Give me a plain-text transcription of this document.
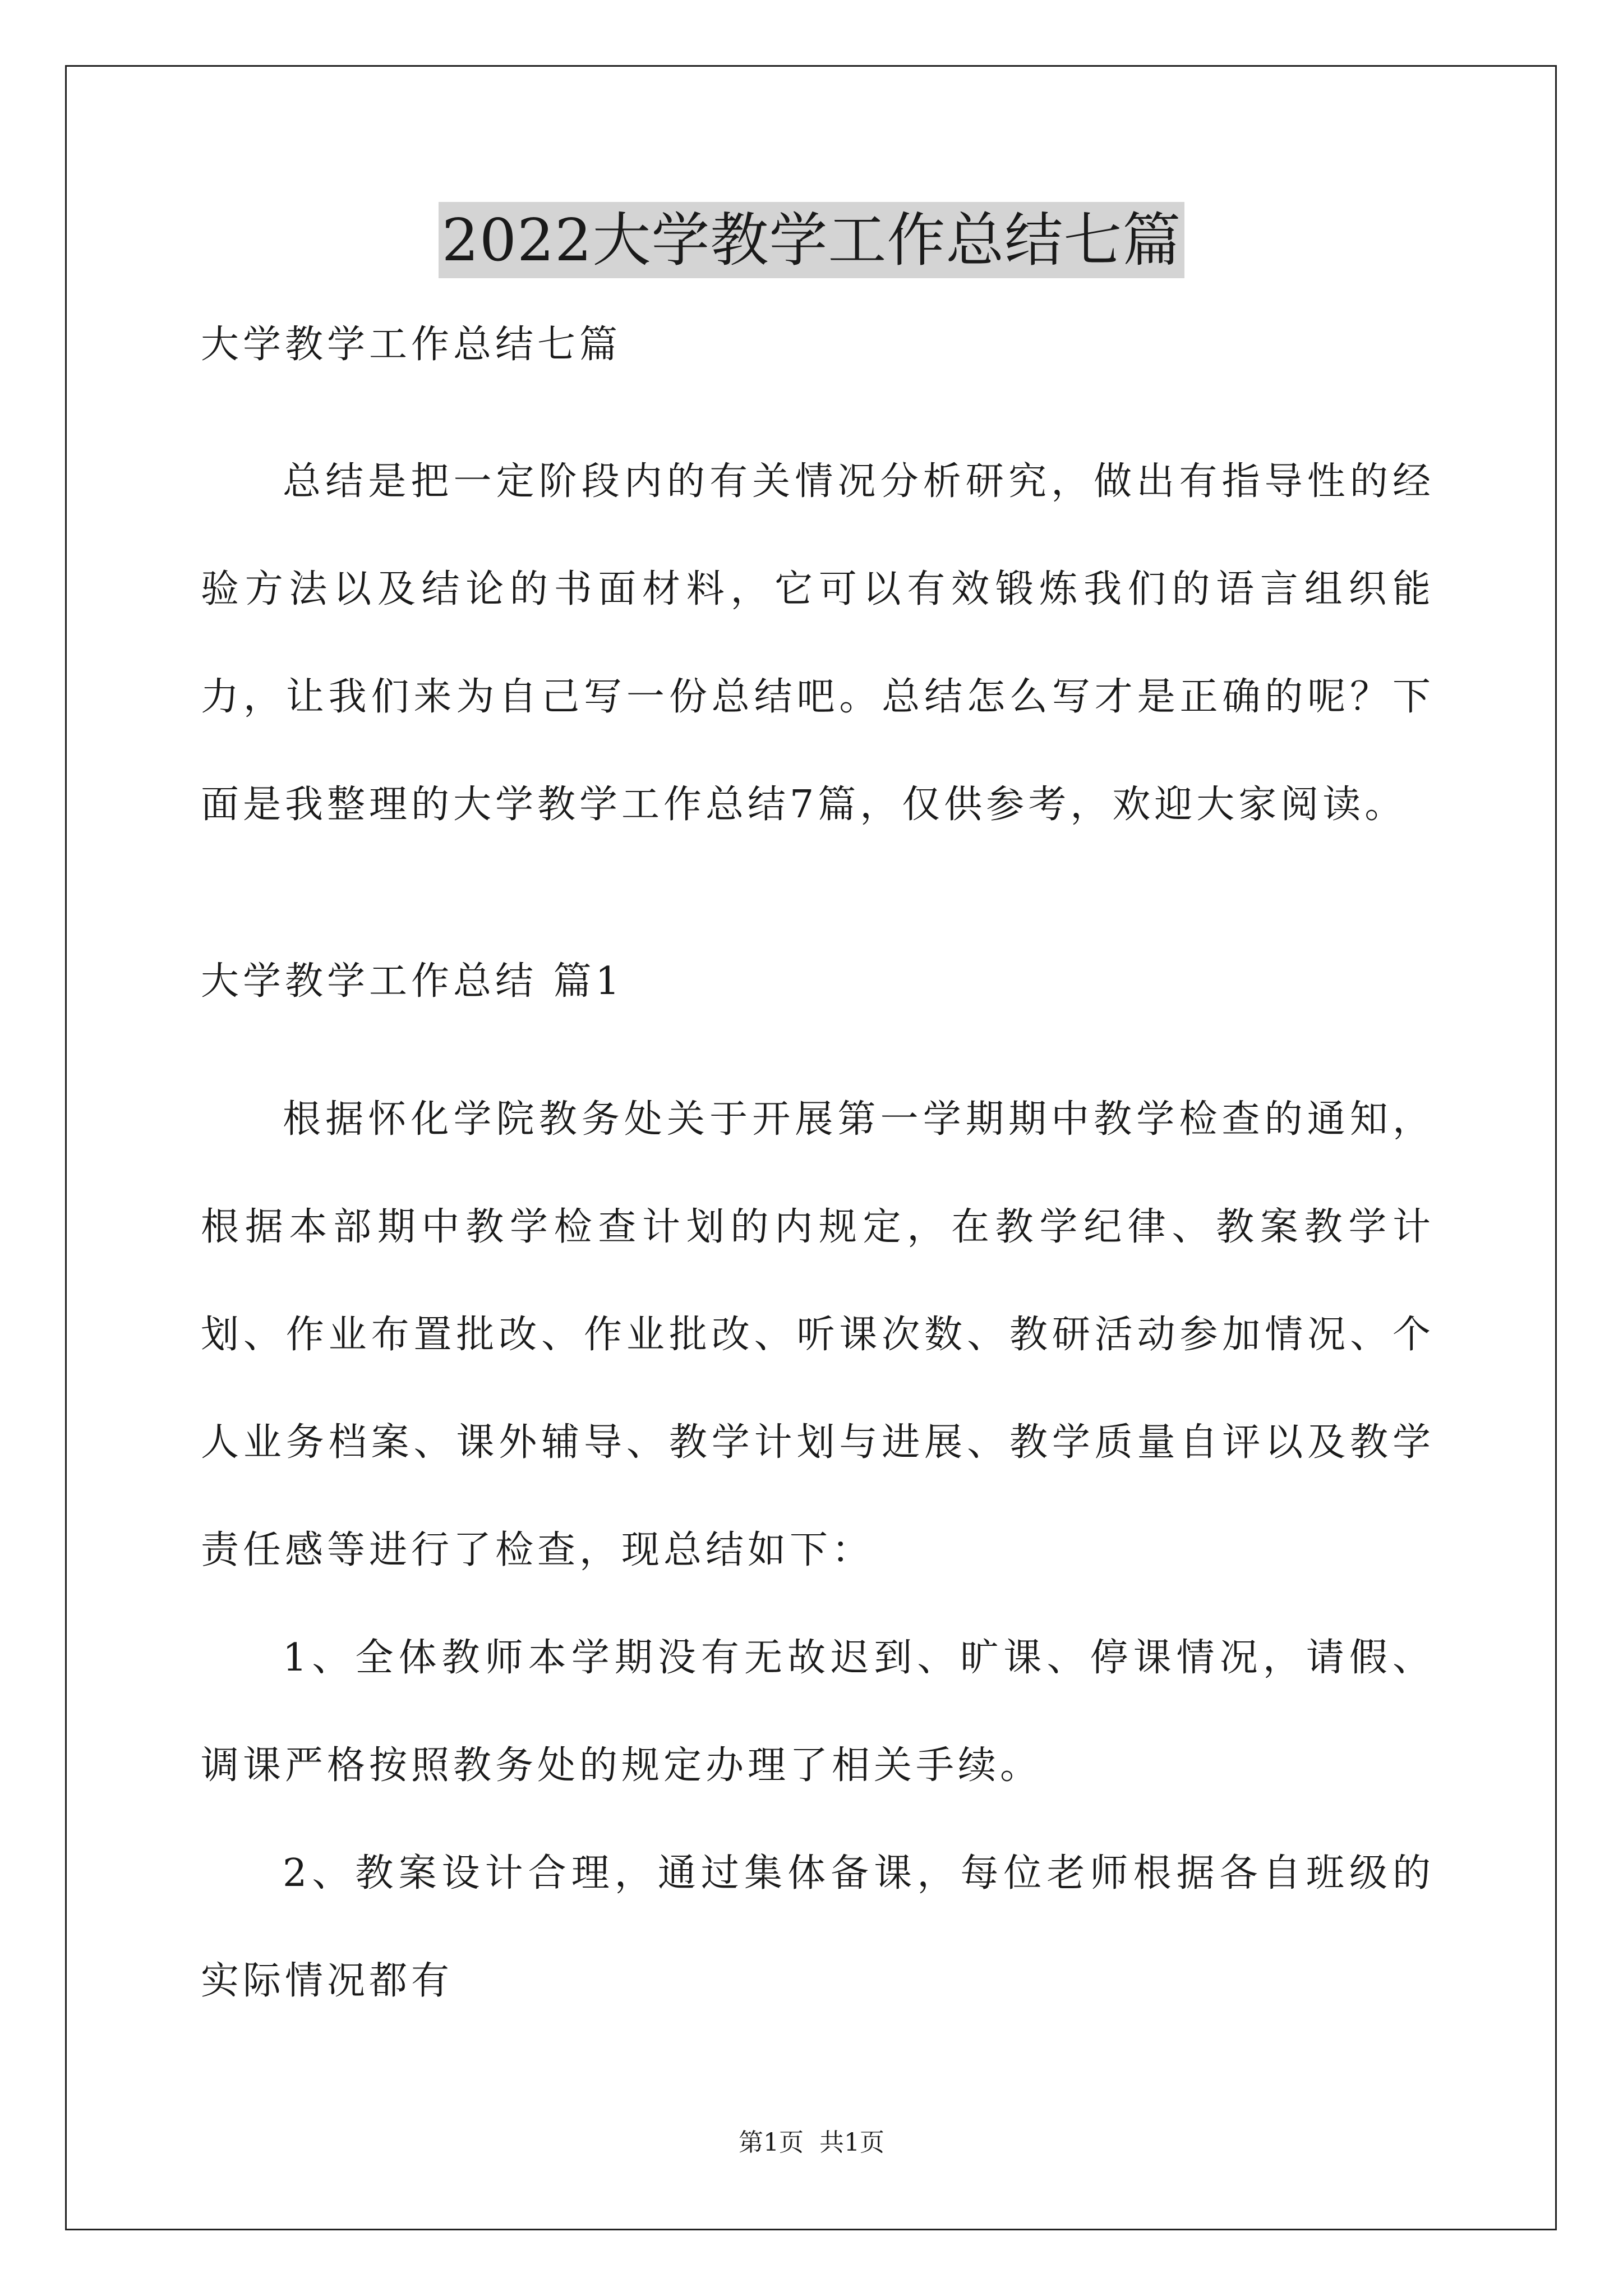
2022大学教学工作总结七篇
大学教学工作总结七篇

总结是把一定阶段内的有关情况分析研究，做出有指导性的经验方法以及结论的书面材料，它可以有效锻炼我们的语言组织能力，让我们来为自己写一份总结吧。总结怎么写才是正确的呢？下面是我整理的大学教学工作总结7篇，仅供参考，欢迎大家阅读。

大学教学工作总结 篇1

根据怀化学院教务处关于开展第一学期期中教学检查的通知，根据本部期中教学检查计划的内规定，在教学纪律、教案教学计划、作业布置批改、作业批改、听课次数、教研活动参加情况、个人业务档案、课外辅导、教学计划与进展、教学质量自评以及教学责任感等进行了检查，现总结如下：

1、全体教师本学期没有无故迟到、旷课、停课情况，请假、调课严格按照教务处的规定办理了相关手续。

2、教案设计合理，通过集体备课，每位老师根据各自班级的实际情况都有

第1页 共1页
